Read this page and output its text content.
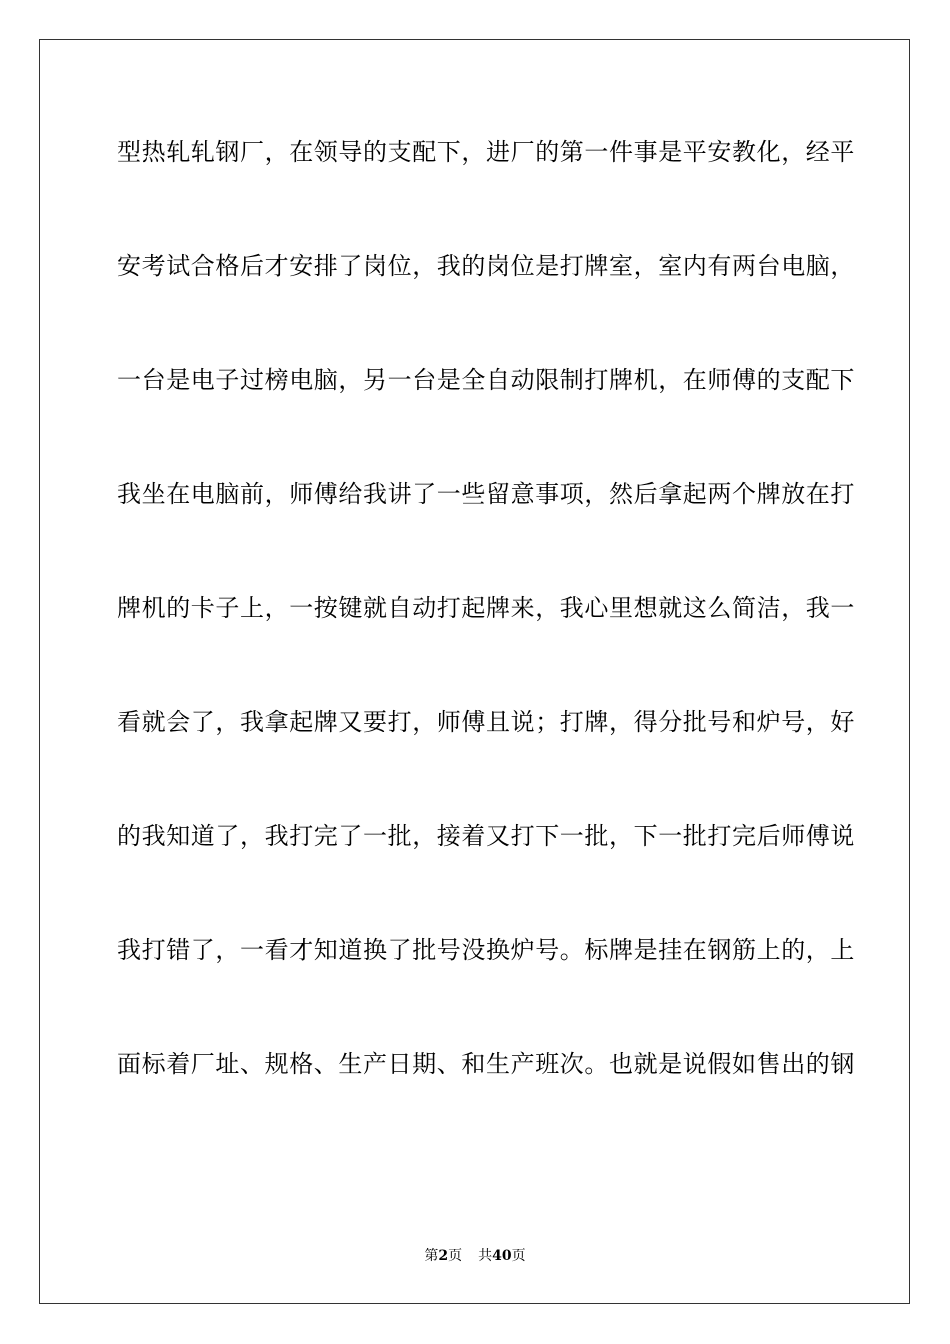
型热轧轧钢厂，在领导的支配下，进厂的第一件事是平安教化，经平
安考试合格后才安排了岗位，我的岗位是打牌室，室内有两台电脑，
一台是电子过榜电脑，另一台是全自动限制打牌机，在师傅的支配下
我坐在电脑前，师傅给我讲了一些留意事项，然后拿起两个牌放在打
牌机的卡子上，一按键就自动打起牌来，我心里想就这么简洁，我一
看就会了，我拿起牌又要打，师傅且说；打牌，得分批号和炉号，好
的我知道了，我打完了一批，接着又打下一批，下一批打完后师傅说
我打错了，一看才知道换了批号没换炉号。标牌是挂在钢筋上的，上
面标着厂址、规格、生产日期、和生产班次。也就是说假如售出的钢
第2页 共40页
